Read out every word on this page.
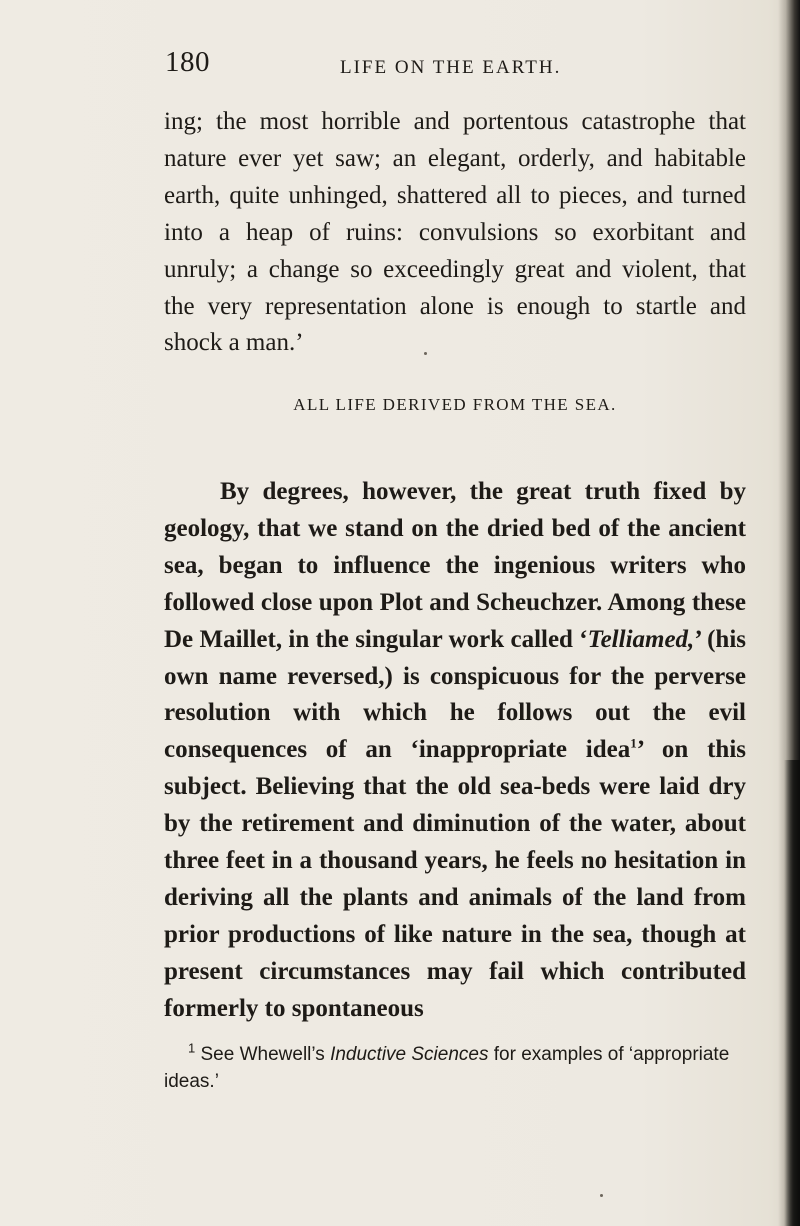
180	LIFE ON THE EARTH.
ing; the most horrible and portentous catastrophe that nature ever yet saw; an elegant, orderly, and habitable earth, quite unhinged, shattered all to pieces, and turned into a heap of ruins: convulsions so exorbitant and unruly; a change so exceedingly great and violent, that the very representation alone is enough to startle and shock a man.’
ALL LIFE DERIVED FROM THE SEA.
By degrees, however, the great truth fixed by geology, that we stand on the dried bed of the ancient sea, began to influence the ingenious writers who followed close upon Plot and Scheuchzer. Among these De Maillet, in the singular work called ‘Telliamed,’ (his own name reversed,) is conspicuous for the perverse resolution with which he follows out the evil consequences of an ‘inappropriate idea$^1$’ on this subject. Believing that the old sea-beds were laid dry by the retirement and diminution of the water, about three feet in a thousand years, he feels no hesitation in deriving all the plants and animals of the land from prior productions of like nature in the sea, though at present circumstances may fail which contributed formerly to spontaneous
$^1$ See Whewell’s Inductive Sciences for examples of ‘appropriate ideas.’
